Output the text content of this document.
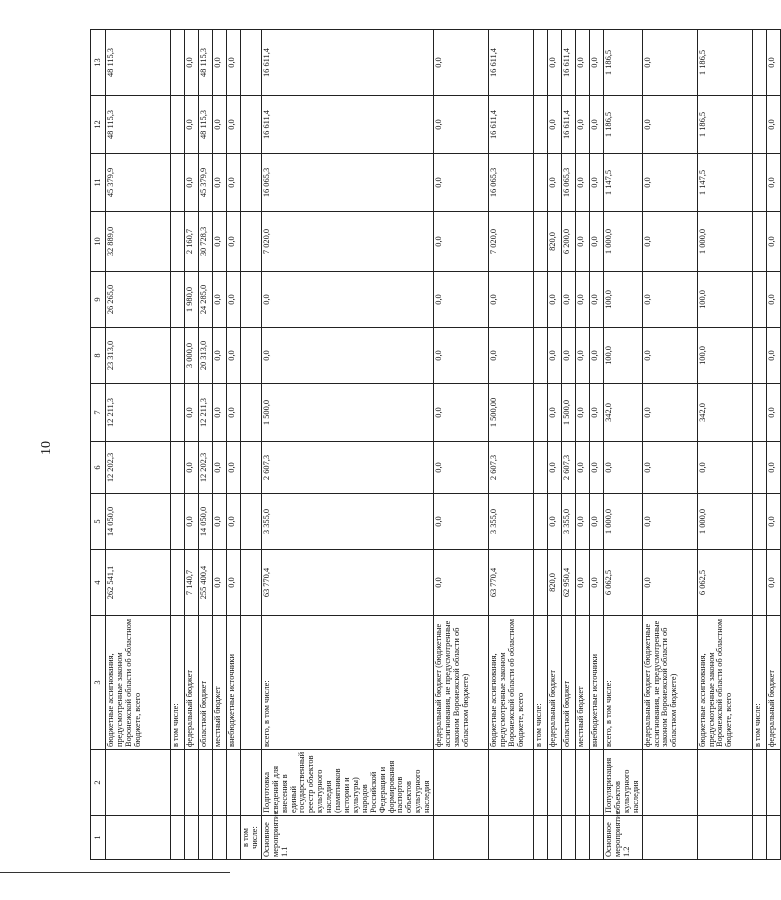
10
1	2	3	4	5	6	7	8	9	10	11	12	13
		бюджетные ассигнования, предусмотренные законом Воронежской области об областном бюджете, всего	262 541,1	14 050,0	12 202,3	12 211,3	23 313,0	26 265,0	32 889,0	45 379,9	48 115,3	48 115,3
		в том числе:										
		федеральный бюджет	7 140,7	0,0	0,0	0,0	3 000,0	1 980,0	2 160,7	0,0	0,0	0,0
		областной бюджет	255 400,4	14 050,0	12 202,3	12 211,3	20 313,0	24 285,0	30 728,3	45 379,9	48 115,3	48 115,3
		местный бюджет	0,0	0,0	0,0	0,0	0,0	0,0	0,0	0,0	0,0	0,0
		внебюджетные источники	0,0	0,0	0,0	0,0	0,0	0,0	0,0	0,0	0,0	0,0
в том числе:												
Основное мероприятие 1.1	Подготовка сведений для внесения в единый государственный реестр объектов культурного наследия (памятников истории и культуры) народов Российской Федерации и формирования паспортов объектов культурного наследия	всего, в том числе:	63 770,4	3 355,0	2 607,3	1 500,0	0,0	0,0	7 020,0	16 065,3	16 611,4	16 611,4
		федеральный бюджет (бюджетные ассигнования, не предусмотренные законом Воронежской области об областном бюджете)	0,0	0,0	0,0	0,0	0,0	0,0	0,0	0,0	0,0	0,0
		бюджетные ассигнования, предусмотренные законом Воронежской области об областном бюджете, всего	63 770,4	3 355,0	2 607,3	1 500,00	0,0	0,0	7 020,0	16 065,3	16 611,4	16 611,4
		в том числе:										
		федеральный бюджет	820,0	0,0	0,0	0,0	0,0	0,0	820,0	0,0	0,0	0,0
		областной бюджет	62 950,4	3 355,0	2 607,3	1 500,0	0,0	0,0	6 200,0	16 065,3	16 611,4	16 611,4
		местный бюджет	0,0	0,0	0,0	0,0	0,0	0,0	0,0	0,0	0,0	0,0
		внебюджетные источники	0,0	0,0	0,0	0,0	0,0	0,0	0,0	0,0	0,0	0,0
Основное мероприятие 1.2	Популяризация объектов культурного наследия	всего, в том числе:	6 062,5	1 000,0	0,0	342,0	100,0	100,0	1 000,0	1 147,5	1 186,5	1 186,5
		федеральный бюджет (бюджетные ассигнования, не предусмотренные законом Воронежской области об областном бюджете)	0,0	0,0	0,0	0,0	0,0	0,0	0,0	0,0	0,0	0,0
		бюджетные ассигнования, предусмотренные законом Воронежской области об областном бюджете, всего	6 062,5	1 000,0	0,0	342,0	100,0	100,0	1 000,0	1 147,5	1 186,5	1 186,5
		в том числе:										
		федеральный бюджет	0,0	0,0	0,0	0,0	0,0	0,0	0,0	0,0	0,0	0,0
